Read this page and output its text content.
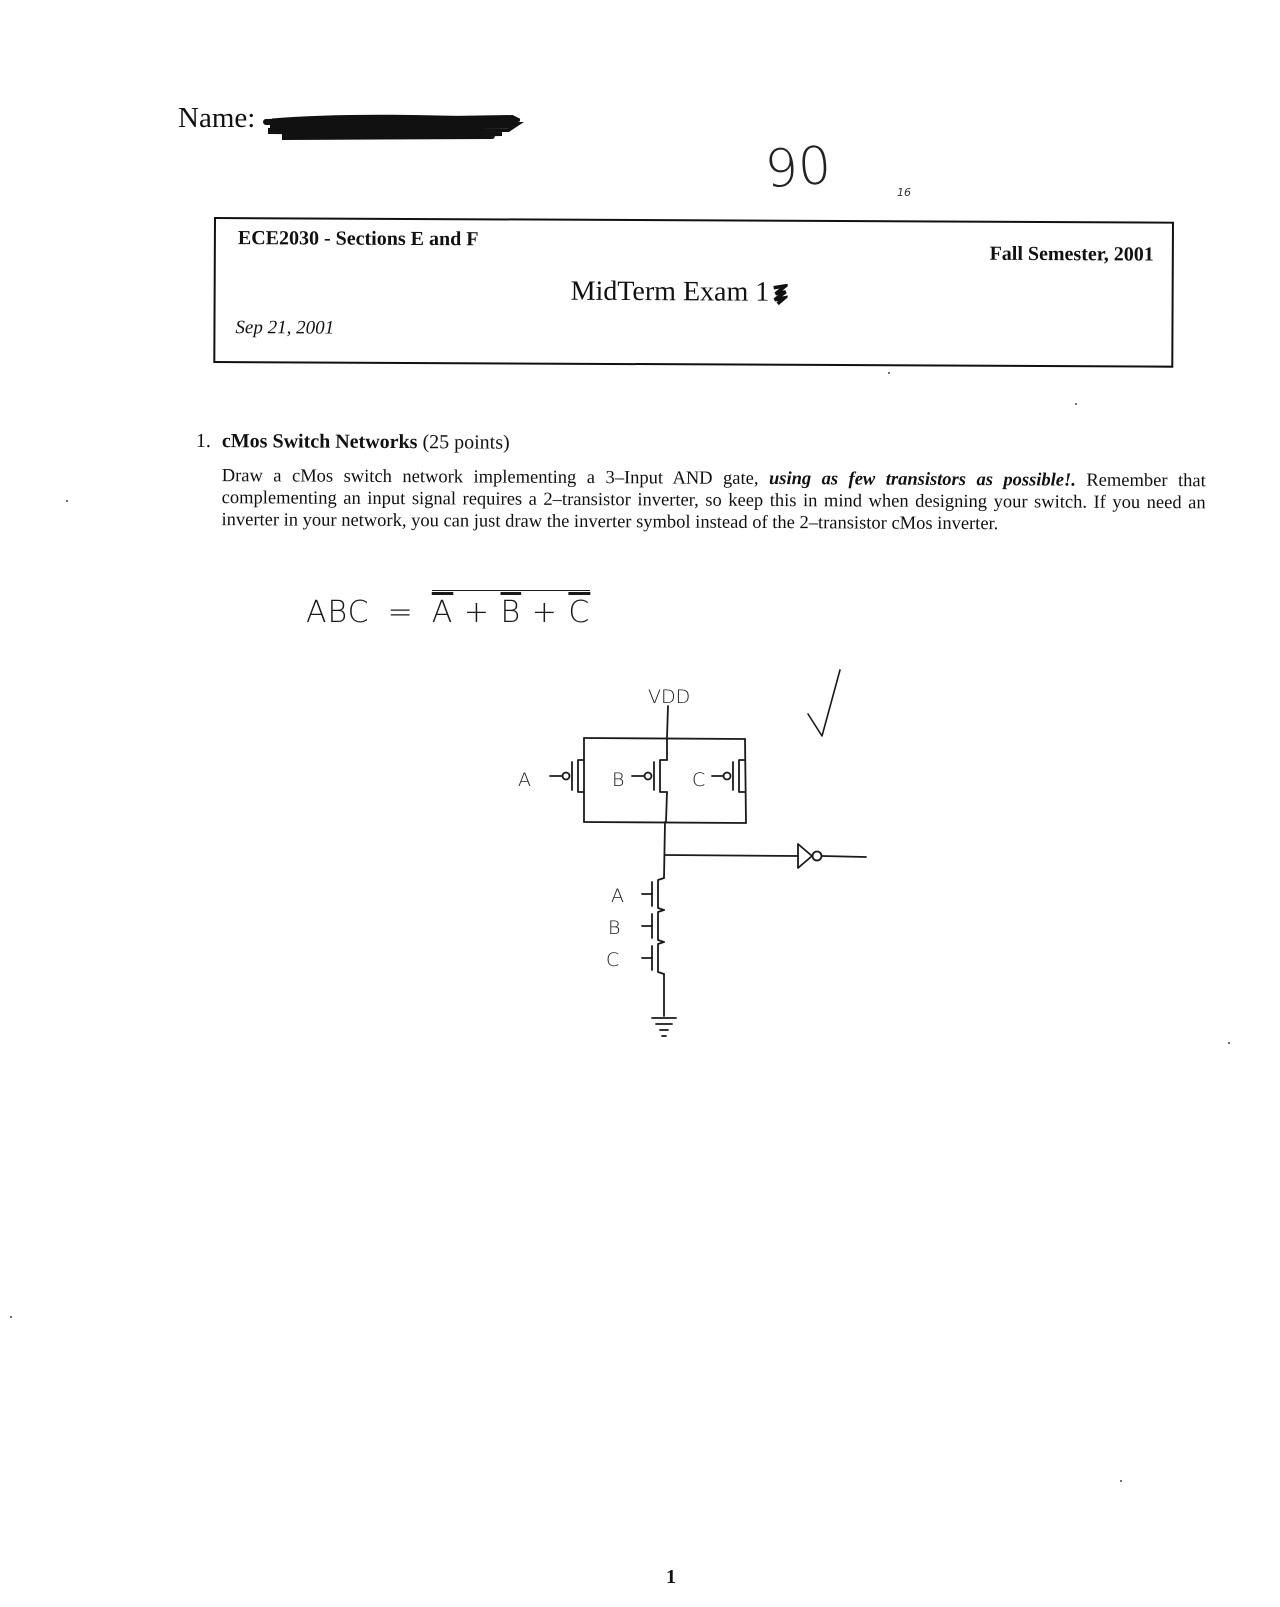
Name:
90	16
ECE2030 - Sections E and F
Fall Semester, 2001
MidTerm Exam 1
Sep 21, 2001
1. cMos Switch Networks (25 points)
Draw a cMos switch network implementing a 3–Input AND gate, using as few transistors as possible!. Remember that complementing an input signal requires a 2–transistor inverter, so keep this in mind when designing your switch. If you need an inverter in your network, you can just draw the inverter symbol instead of the 2–transistor cMos inverter.
ABC = $\overline{A} + \overline{B} + \overline{C}$
VDD
A	B	C
A
B
C
1
